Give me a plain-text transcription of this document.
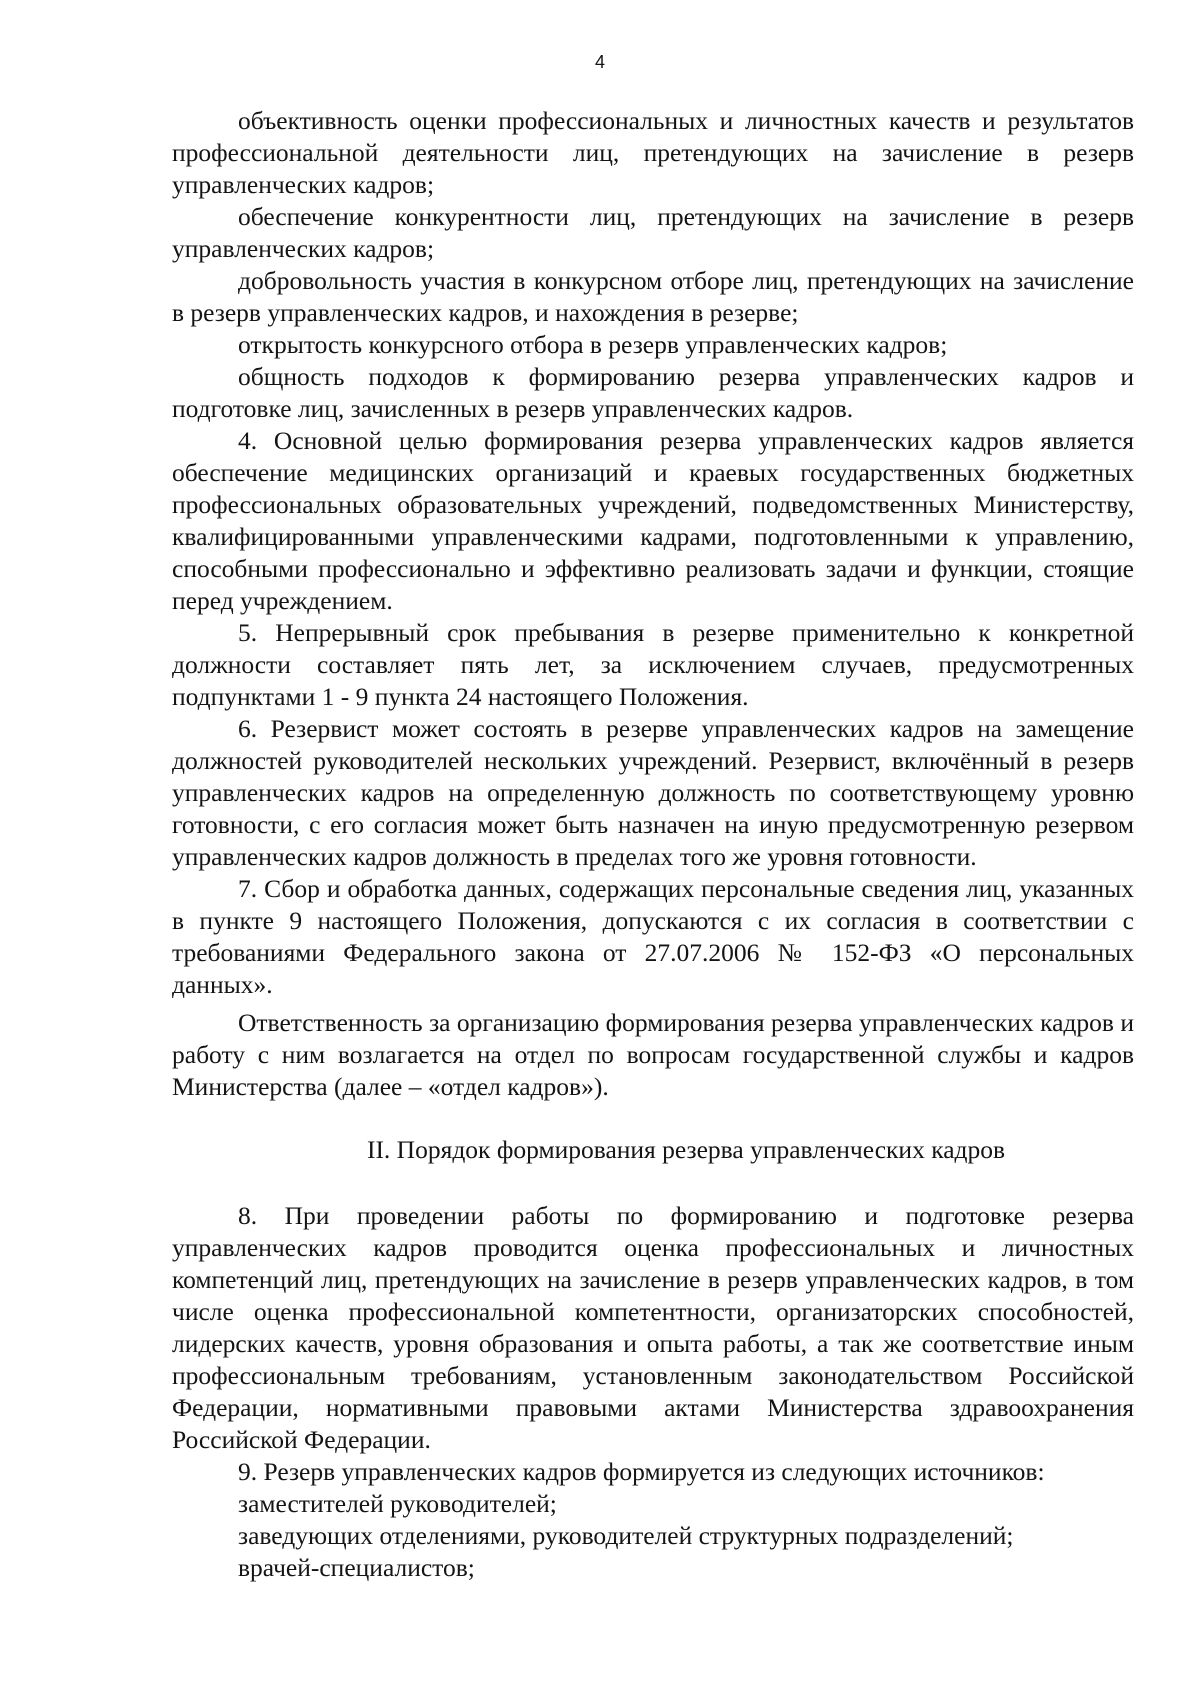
4

объективность оценки профессиональных и личностных качеств и результатов профессиональной деятельности лиц, претендующих на зачисление в резерв управленческих кадров;

обеспечение конкурентности лиц, претендующих на зачисление в резерв управленческих кадров;

добровольность участия в конкурсном отборе лиц, претендующих на зачисление в резерв управленческих кадров, и нахождения в резерве;

открытость конкурсного отбора в резерв управленческих кадров;

общность подходов к формированию резерва управленческих кадров и подготовке лиц, зачисленных в резерв управленческих кадров.

4. Основной целью формирования резерва управленческих кадров является обеспечение медицинских организаций и краевых государственных бюджетных профессиональных образовательных учреждений, подведомственных Министерству, квалифицированными управленческими кадрами, подготовленными к управлению, способными профессионально и эффективно реализовать задачи и функции, стоящие перед учреждением.

5. Непрерывный срок пребывания в резерве применительно к конкретной должности составляет пять лет, за исключением случаев, предусмотренных подпунктами 1 - 9 пункта 24 настоящего Положения.

6. Резервист может состоять в резерве управленческих кадров на замещение должностей руководителей нескольких учреждений. Резервист, включённый в резерв управленческих кадров на определенную должность по соответствующему уровню готовности, с его согласия может быть назначен на иную предусмотренную резервом управленческих кадров должность в пределах того же уровня готовности.

7. Сбор и обработка данных, содержащих персональные сведения лиц, указанных в пункте 9 настоящего Положения, допускаются с их согласия в соответствии с требованиями Федерального закона от 27.07.2006 № 152-ФЗ «О персональных данных».

Ответственность за организацию формирования резерва управленческих кадров и работу с ним возлагается на отдел по вопросам государственной службы и кадров Министерства (далее – «отдел кадров»).

II. Порядок формирования резерва управленческих кадров

8. При проведении работы по формированию и подготовке резерва управленческих кадров проводится оценка профессиональных и личностных компетенций лиц, претендующих на зачисление в резерв управленческих кадров, в том числе оценка профессиональной компетентности, организаторских способностей, лидерских качеств, уровня образования и опыта работы, а так же соответствие иным профессиональным требованиям, установленным законодательством Российской Федерации, нормативными правовыми актами Министерства здравоохранения Российской Федерации.

9. Резерв управленческих кадров формируется из следующих источников:

заместителей руководителей;

заведующих отделениями, руководителей структурных подразделений;

врачей-специалистов;
